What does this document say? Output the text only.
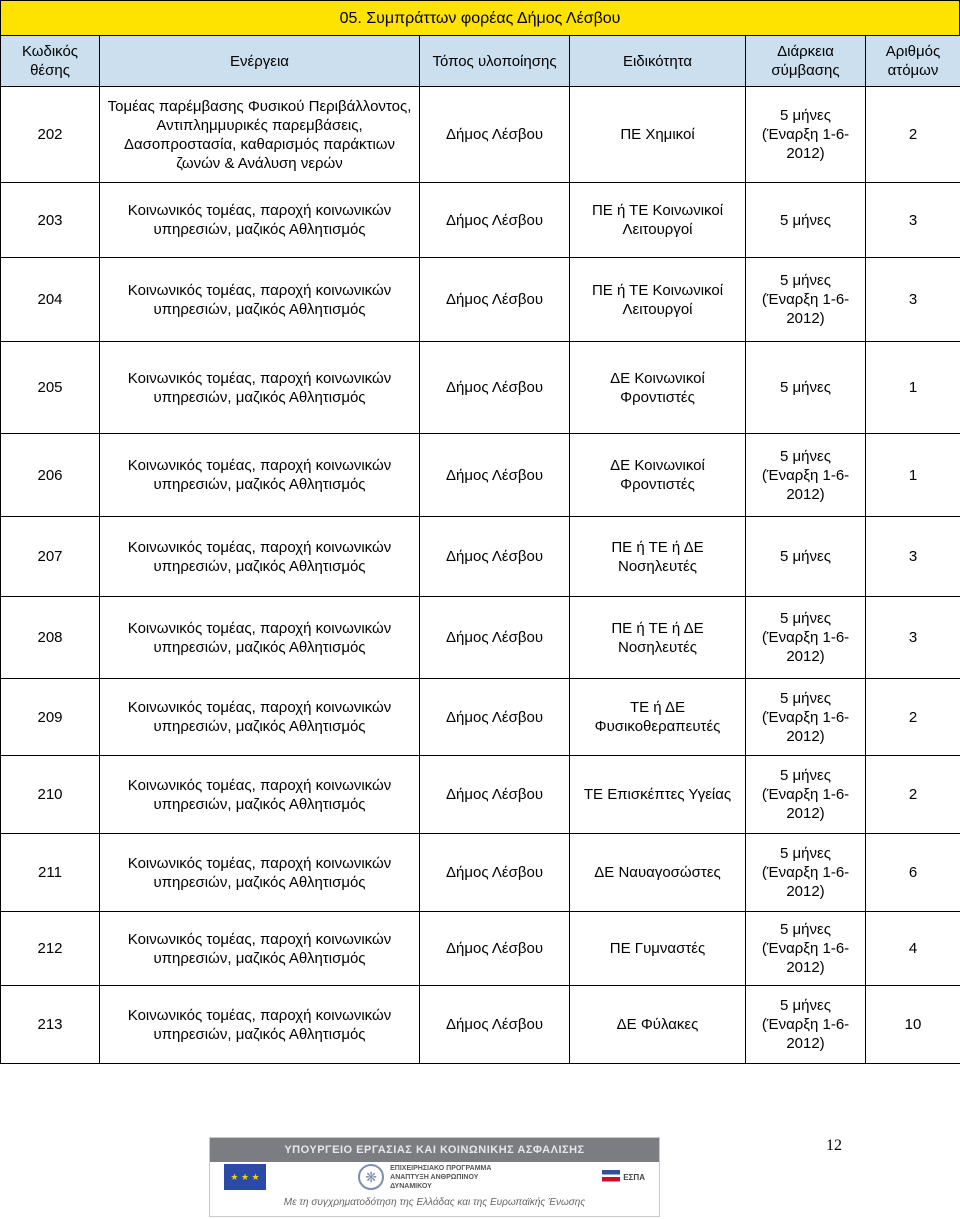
05. Συμπράττων φορέας Δήμος Λέσβου
Κωδικός θέσης	Ενέργεια	Τόπος υλοποίησης	Ειδικότητα	Διάρκεια σύμβασης	Αριθμός ατόμων
202	Τομέας παρέμβασης Φυσικού Περιβάλλοντος, Αντιπλημμυρικές παρεμβάσεις, Δασοπροστασία, καθαρισμός παράκτιων ζωνών & Ανάλυση νερών	Δήμος Λέσβου	ΠΕ Χημικοί	5 μήνες (Έναρξη 1-6-2012)	2
203	Κοινωνικός τομέας, παροχή κοινωνικών υπηρεσιών, μαζικός Αθλητισμός	Δήμος Λέσβου	ΠΕ ή ΤΕ Κοινωνικοί Λειτουργοί	5 μήνες	3
204	Κοινωνικός τομέας, παροχή κοινωνικών υπηρεσιών, μαζικός Αθλητισμός	Δήμος Λέσβου	ΠΕ ή ΤΕ Κοινωνικοί Λειτουργοί	5 μήνες (Έναρξη 1-6-2012)	3
205	Κοινωνικός τομέας, παροχή κοινωνικών υπηρεσιών, μαζικός Αθλητισμός	Δήμος Λέσβου	ΔΕ Κοινωνικοί Φροντιστές	5 μήνες	1
206	Κοινωνικός τομέας, παροχή κοινωνικών υπηρεσιών, μαζικός Αθλητισμός	Δήμος Λέσβου	ΔΕ Κοινωνικοί Φροντιστές	5 μήνες (Έναρξη 1-6-2012)	1
207	Κοινωνικός τομέας, παροχή κοινωνικών υπηρεσιών, μαζικός Αθλητισμός	Δήμος Λέσβου	ΠΕ ή ΤΕ ή ΔΕ Νοσηλευτές	5 μήνες	3
208	Κοινωνικός τομέας, παροχή κοινωνικών υπηρεσιών, μαζικός Αθλητισμός	Δήμος Λέσβου	ΠΕ ή ΤΕ ή ΔΕ Νοσηλευτές	5 μήνες (Έναρξη 1-6-2012)	3
209	Κοινωνικός τομέας, παροχή κοινωνικών υπηρεσιών, μαζικός Αθλητισμός	Δήμος Λέσβου	ΤΕ ή ΔΕ Φυσικοθεραπευτές	5 μήνες (Έναρξη 1-6-2012)	2
210	Κοινωνικός τομέας, παροχή κοινωνικών υπηρεσιών, μαζικός Αθλητισμός	Δήμος Λέσβου	ΤΕ Επισκέπτες Υγείας	5 μήνες (Έναρξη 1-6-2012)	2
211	Κοινωνικός τομέας, παροχή κοινωνικών υπηρεσιών, μαζικός Αθλητισμός	Δήμος Λέσβου	ΔΕ Ναυαγοσώστες	5 μήνες (Έναρξη 1-6-2012)	6
212	Κοινωνικός τομέας, παροχή κοινωνικών υπηρεσιών, μαζικός Αθλητισμός	Δήμος Λέσβου	ΠΕ Γυμναστές	5 μήνες (Έναρξη 1-6-2012)	4
213	Κοινωνικός τομέας, παροχή κοινωνικών υπηρεσιών, μαζικός Αθλητισμός	Δήμος Λέσβου	ΔΕ Φύλακες	5 μήνες (Έναρξη 1-6-2012)	10
ΥΠΟΥΡΓΕΙΟ ΕΡΓΑΣΙΑΣ ΚΑΙ ΚΟΙΝΩΝΙΚΗΣ ΑΣΦΑΛΙΣΗΣ
★ ★ ★	❋
ΕΠΙΧΕΙΡΗΣΙΑΚΟ ΠΡΟΓΡΑΜΜΑ ΑΝΑΠΤΥΞΗ ΑΝΘΡΩΠΙΝΟΥ ΔΥΝΑΜΙΚΟΥ
ΕΣΠΑ
Με τη συγχρηματοδότηση της Ελλάδας και της Ευρωπαϊκής Ένωσης
12
